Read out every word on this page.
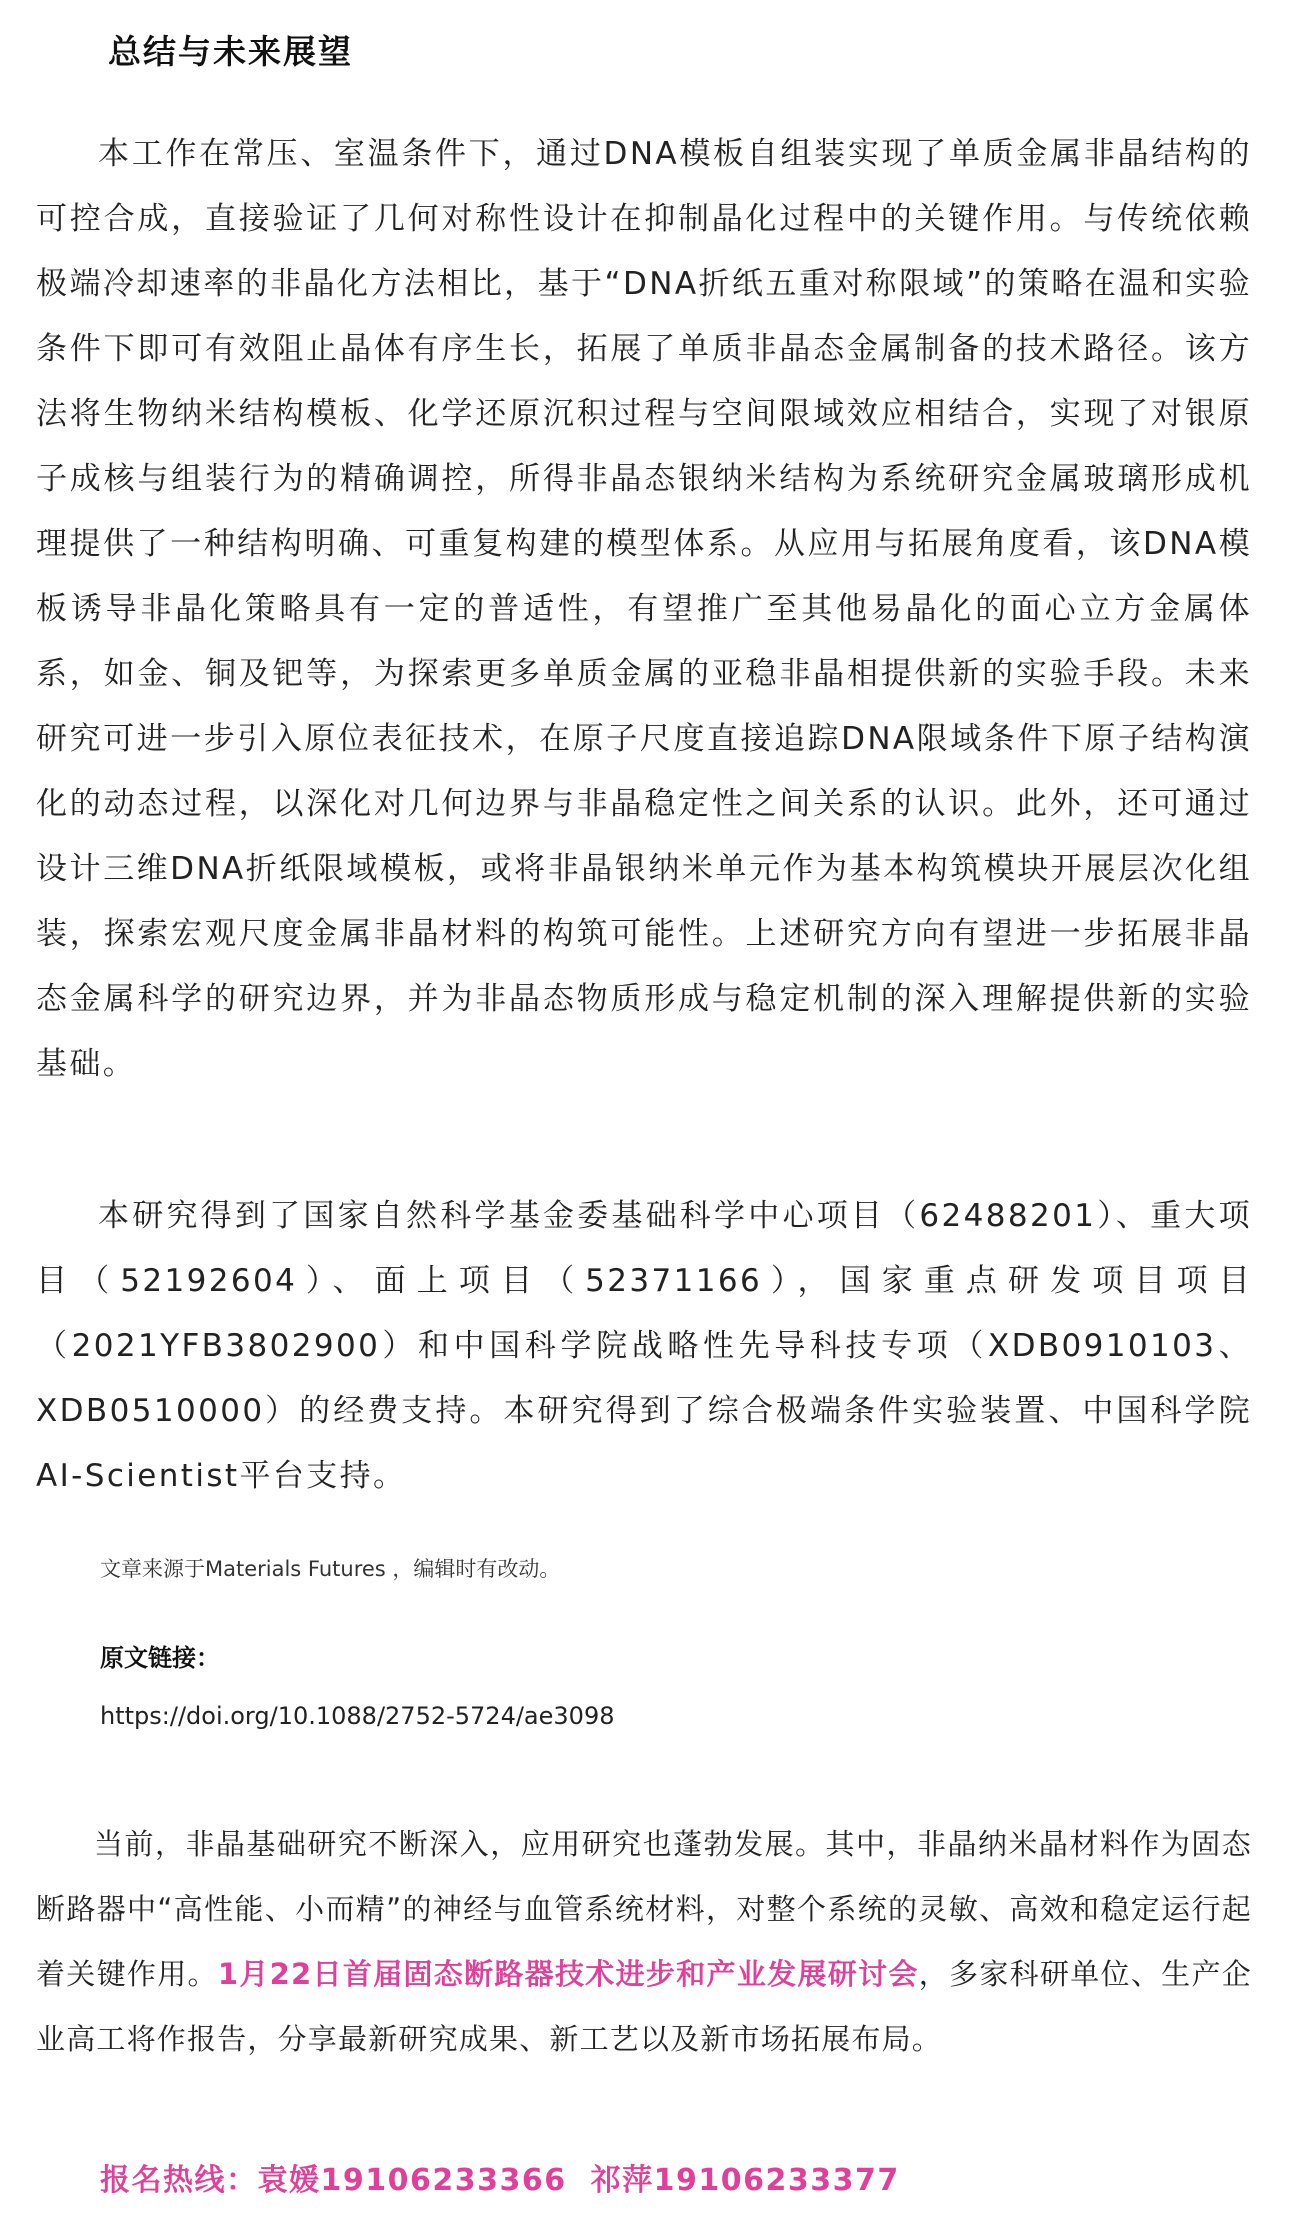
总结与未来展望

本工作在常压、室温条件下，通过DNA模板自组装实现了单质金属非晶结构的可控合成，直接验证了几何对称性设计在抑制晶化过程中的关键作用。与传统依赖极端冷却速率的非晶化方法相比，基于“DNA折纸五重对称限域”的策略在温和实验条件下即可有效阻止晶体有序生长，拓展了单质非晶态金属制备的技术路径。该方法将生物纳米结构模板、化学还原沉积过程与空间限域效应相结合，实现了对银原子成核与组装行为的精确调控，所得非晶态银纳米结构为系统研究金属玻璃形成机理提供了一种结构明确、可重复构建的模型体系。从应用与拓展角度看，该DNA模板诱导非晶化策略具有一定的普适性，有望推广至其他易晶化的面心立方金属体系，如金、铜及钯等，为探索更多单质金属的亚稳非晶相提供新的实验手段。未来研究可进一步引入原位表征技术，在原子尺度直接追踪DNA限域条件下原子结构演化的动态过程，以深化对几何边界与非晶稳定性之间关系的认识。此外，还可通过设计三维DNA折纸限域模板，或将非晶银纳米单元作为基本构筑模块开展层次化组装，探索宏观尺度金属非晶材料的构筑可能性。上述研究方向有望进一步拓展非晶态金属科学的研究边界，并为非晶态物质形成与稳定机制的深入理解提供新的实验基础。

本研究得到了国家自然科学基金委基础科学中心项目（62488201）、重大项目（52192604）、面上项目（52371166），国家重点研发项目项目（2021YFB3802900）和中国科学院战略性先导科技专项（XDB0910103、XDB0510000）的经费支持。本研究得到了综合极端条件实验装置、中国科学院AI-Scientist平台支持。

文章来源于Materials Futures ，编辑时有改动。
原文链接：
https://doi.org/10.1088/2752-5724/ae3098

当前，非晶基础研究不断深入，应用研究也蓬勃发展。其中，非晶纳米晶材料作为固态断路器中“高性能、小而精”的神经与血管系统材料，对整个系统的灵敏、高效和稳定运行起着关键作用。1月22日首届固态断路器技术进步和产业发展研讨会，多家科研单位、生产企业高工将作报告，分享最新研究成果、新工艺以及新市场拓展布局。

报名热线：袁媛19106233366 祁萍19106233377
